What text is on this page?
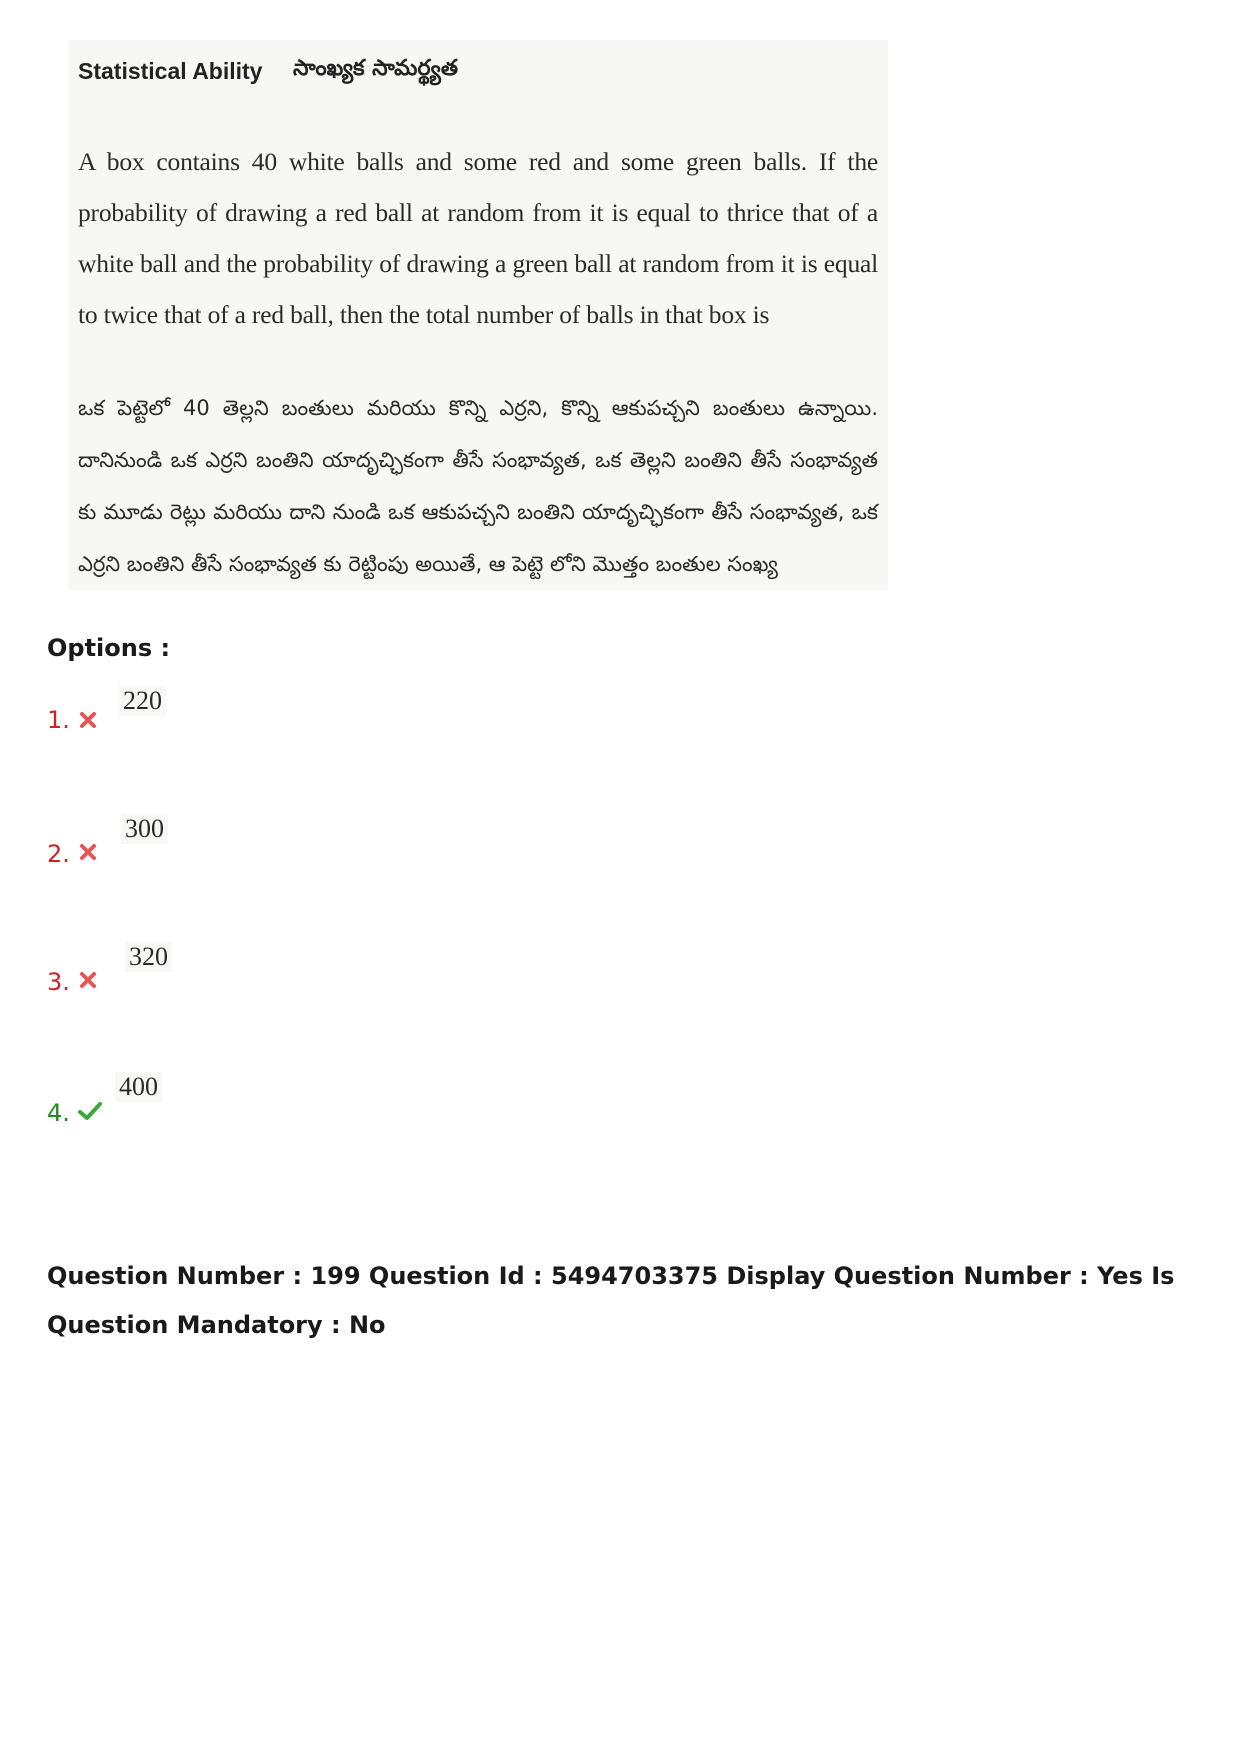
Statistical Ability సాంఖ్యక సామర్థ్యత
A box contains 40 white balls and some red and some green balls. If the probability of drawing a red ball at random from it is equal to thrice that of a white ball and the probability of drawing a green ball at random from it is equal to twice that of a red ball, then the total number of balls in that box is
ఒక పెట్టెలో 40 తెల్లని బంతులు మరియు కొన్ని ఎర్రని, కొన్ని ఆకుపచ్చని బంతులు ఉన్నాయి. దానినుండి ఒక ఎర్రని బంతిని యాదృచ్ఛికంగా తీసే సంభావ్యత, ఒక తెల్లని బంతిని తీసే సంభావ్యత కు మూడు రెట్లు మరియు దాని నుండి ఒక ఆకుపచ్చని బంతిని యాదృచ్ఛికంగా తీసే సంభావ్యత, ఒక ఎర్రని బంతిని తీసే సంభావ్యత కు రెట్టింపు అయితే, ఆ పెట్టె లోని మొత్తం బంతుల సంఖ్య
Options :
1.
220
2.
300
3.
320
4.
400
Question Number : 199 Question Id : 5494703375 Display Question Number : Yes Is Question Mandatory : No
